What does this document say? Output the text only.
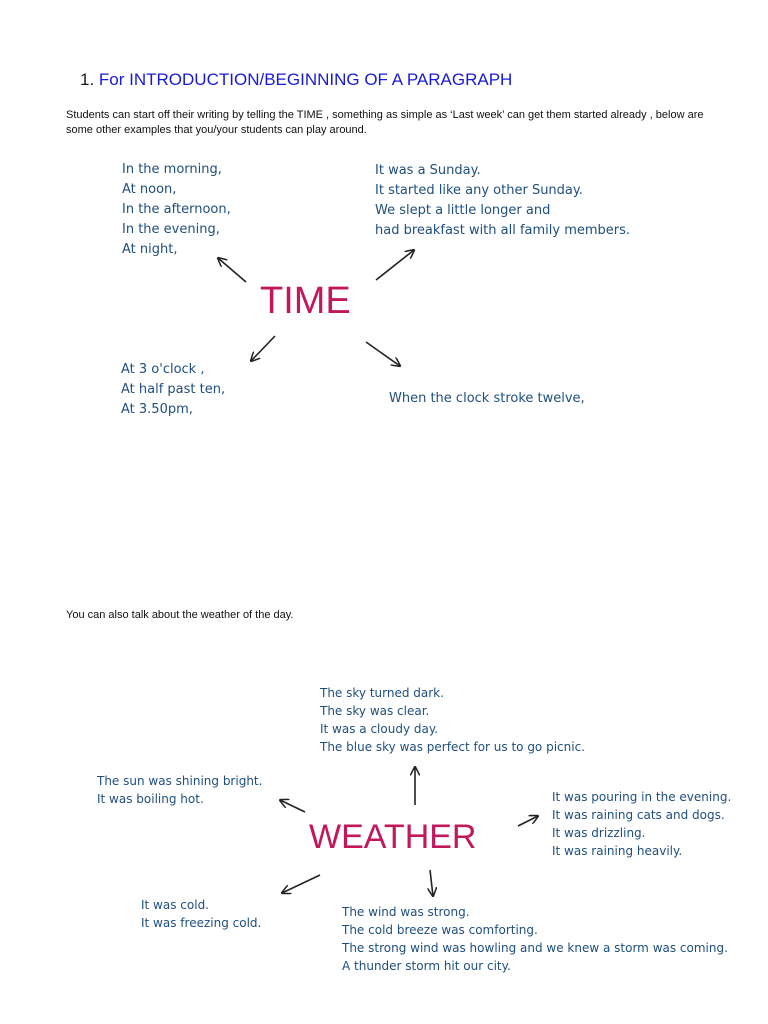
1. For INTRODUCTION/BEGINNING OF A PARAGRAPH
Students can start off their writing by telling the TIME , something as simple as ‘Last week’ can get them started already , below are some other examples that you/your students can play around.
In the morning,
At noon,
In the afternoon,
In the evening,
At night,
It was a Sunday.
It started like any other Sunday.
We slept a little longer and
had breakfast with all family members.
TIME
At 3 o'clock ,
At half past ten,
At 3.50pm,
When the clock stroke twelve,
You can also talk about the weather of the day.
The sky turned dark.
The sky was clear.
It was a cloudy day.
The blue sky was perfect for us to go picnic.
The sun was shining bright.
It was boiling hot.	It was pouring in the evening.
It was raining cats and dogs.
It was drizzling.
It was raining heavily.
WEATHER
It was cold.
It was freezing cold.
The wind was strong.
The cold breeze was comforting.
The strong wind was howling and we knew a storm was coming.
A thunder storm hit our city.
